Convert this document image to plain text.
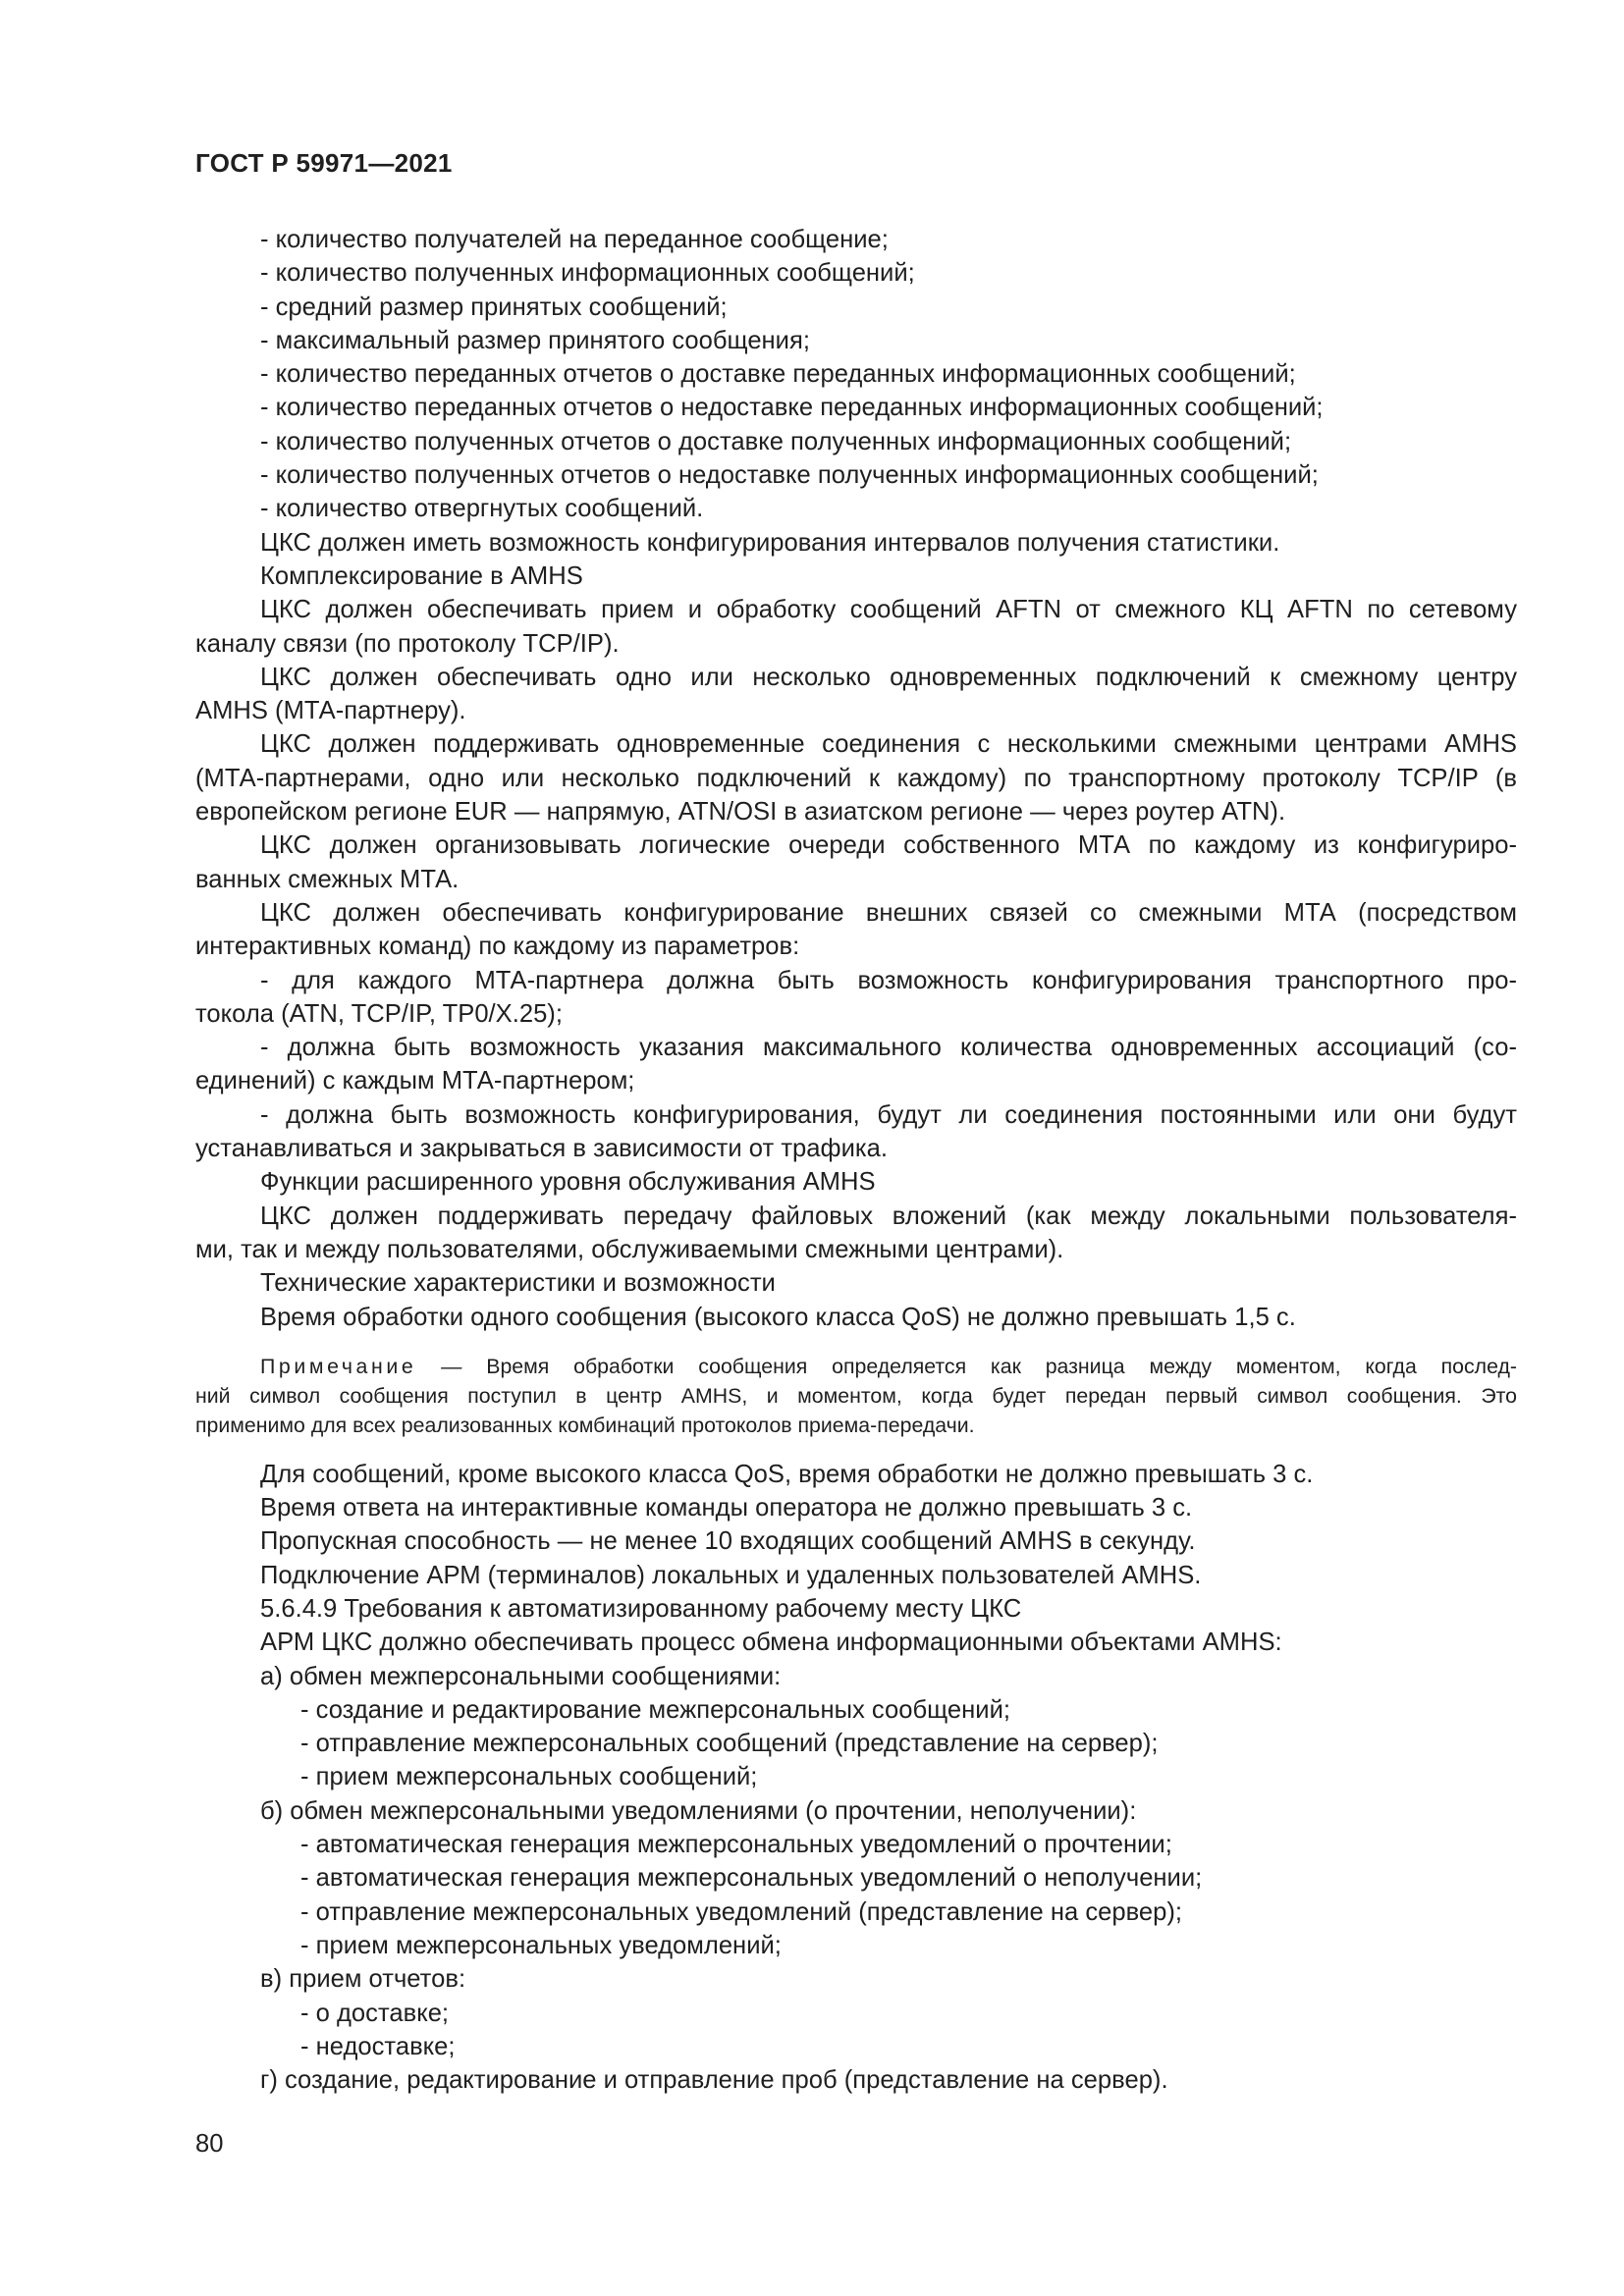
ГОСТ Р 59971—2021
- количество получателей на переданное сообщение;
- количество полученных информационных сообщений;
- средний размер принятых сообщений;
- максимальный размер принятого сообщения;
- количество переданных отчетов о доставке переданных информационных сообщений;
- количество переданных отчетов о недоставке переданных информационных сообщений;
- количество полученных отчетов о доставке полученных информационных сообщений;
- количество полученных отчетов о недоставке полученных информационных сообщений;
- количество отвергнутых сообщений.
ЦКС должен иметь возможность конфигурирования интервалов получения статистики.
Комплексирование в AMHS
ЦКС должен обеспечивать прием и обработку сообщений AFTN от смежного КЦ AFTN по сетевому
каналу связи (по протоколу TCP/IP).
ЦКС должен обеспечивать одно или несколько одновременных подключений к смежному центру
AMHS (МТА-партнеру).
ЦКС должен поддерживать одновременные соединения с несколькими смежными центрами AMHS
(МТА-партнерами, одно или несколько подключений к каждому) по транспортному протоколу TCP/IP (в
европейском регионе EUR — напрямую, ATN/OSI в азиатском регионе — через роутер ATN).
ЦКС должен организовывать логические очереди собственного МТА по каждому из конфигуриро-
ванных смежных МТА.
ЦКС должен обеспечивать конфигурирование внешних связей со смежными МТА (посредством
интерактивных команд) по каждому из параметров:
- для каждого МТА-партнера должна быть возможность конфигурирования транспортного про-
токола (ATN, TCP/IP, TP0/X.25);
- должна быть возможность указания максимального количества одновременных ассоциаций (со-
единений) с каждым МТА-партнером;
- должна быть возможность конфигурирования, будут ли соединения постоянными или они будут
устанавливаться и закрываться в зависимости от трафика.
Функции расширенного уровня обслуживания AMHS
ЦКС должен поддерживать передачу файловых вложений (как между локальными пользователя-
ми, так и между пользователями, обслуживаемыми смежными центрами).
Технические характеристики и возможности
Время обработки одного сообщения (высокого класса QoS) не должно превышать 1,5 с.
Примечание — Время обработки сообщения определяется как разница между моментом, когда послед-
ний символ сообщения поступил в центр AMHS, и моментом, когда будет передан первый символ сообщения. Это
применимо для всех реализованных комбинаций протоколов приема-передачи.
Для сообщений, кроме высокого класса QoS, время обработки не должно превышать 3 с.
Время ответа на интерактивные команды оператора не должно превышать 3 с.
Пропускная способность — не менее 10 входящих сообщений AMHS в секунду.
Подключение АРМ (терминалов) локальных и удаленных пользователей AMHS.
5.6.4.9 Требования к автоматизированному рабочему месту ЦКС
АРМ ЦКС должно обеспечивать процесс обмена информационными объектами AMHS:
а) обмен межперсональными сообщениями:
- создание и редактирование межперсональных сообщений;
- отправление межперсональных сообщений (представление на сервер);
- прием межперсональных сообщений;
б) обмен межперсональными уведомлениями (о прочтении, неполучении):
- автоматическая генерация межперсональных уведомлений о прочтении;
- автоматическая генерация межперсональных уведомлений о неполучении;
- отправление межперсональных уведомлений (представление на сервер);
- прием межперсональных уведомлений;
в) прием отчетов:
- о доставке;
- недоставке;
г) создание, редактирование и отправление проб (представление на сервер).
80
